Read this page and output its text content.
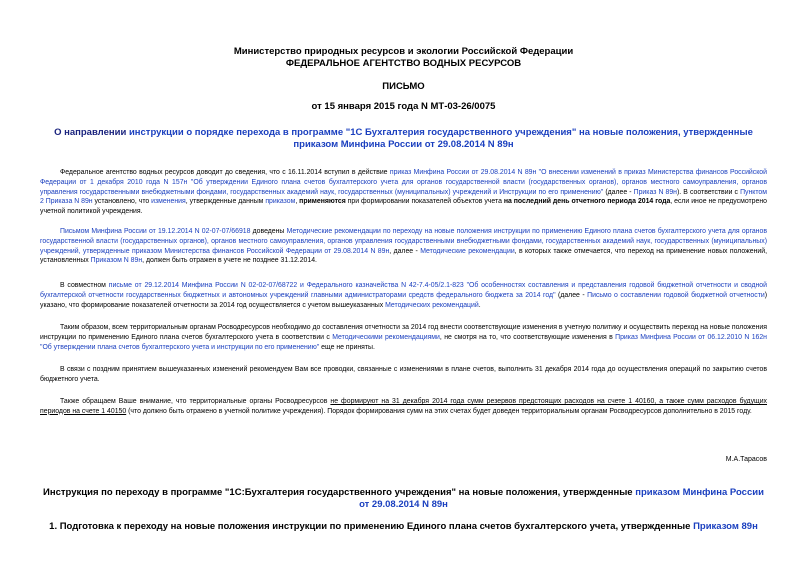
Министерство природных ресурсов и экологии Российской Федерации
ФЕДЕРАЛЬНОЕ АГЕНТСТВО ВОДНЫХ РЕСУРСОВ
ПИСЬМО
от 15 января 2015 года N МТ-03-26/0075
О направлении инструкции о порядке перехода в программе "1С Бухгалтерия государственного учреждения" на новые положения, утвержденные приказом Минфина России от 29.08.2014 N 89н
Федеральное агентство водных ресурсов доводит до сведения, что с 16.11.2014 вступил в действие приказ Минфина России от 29.08.2014 N 89н "О внесении изменений в приказ Министерства финансов Российской Федерации от 1 декабря 2010 года N 157н "Об утверждении Единого плана счетов бухгалтерского учета для органов государственной власти (государственных органов), органов местного самоуправления, органов управления государственными внебюджетными фондами, государственных академий наук, государственных (муниципальных) учреждений и Инструкции по его применению" (далее - Приказ N 89н). В соответствии с Пунктом 2 Приказа N 89н установлено, что изменения, утвержденные данным приказом, применяются при формировании показателей объектов учета на последний день отчетного периода 2014 года, если иное не предусмотрено учетной политикой учреждения.
Письмом Минфина России от 19.12.2014 N 02-07-07/66918 доведены Методические рекомендации по переходу на новые положения инструкции по применению Единого плана счетов бухгалтерского учета для органов государственной власти (государственных органов), органов местного самоуправления, органов управления государственными внебюджетными фондами, государственных академий наук, государственных (муниципальных) учреждений, утвержденные приказом Министерства финансов Российской Федерации от 29.08.2014 N 89н, далее - Методические рекомендации, в которых также отмечается, что переход на применение новых положений, установленных Приказом N 89н, должен быть отражен в учете не позднее 31.12.2014.
В совместном письме от 29.12.2014 Минфина России N 02-02-07/68722 и Федерального казначейства N 42-7.4-05/2.1-823 "Об особенностях составления и представления годовой бюджетной отчетности и сводной бухгалтерской отчетности государственных бюджетных и автономных учреждений главными администраторами средств федерального бюджета за 2014 год" (далее - Письмо о составлении годовой бюджетной отчетности) указано, что формирование показателей отчетности за 2014 год осуществляется с учетом вышеуказанных Методических рекомендаций.
Таким образом, всем территориальным органам Росводресурсов необходимо до составления отчетности за 2014 год внести соответствующие изменения в учетную политику и осуществить переход на новые положения инструкции по применению Единого плана счетов бухгалтерского учета в соответствии с Методическими рекомендациями, не смотря на то, что соответствующие изменения в Приказ Минфина России от 06.12.2010 N 162н "Об утверждении плана счетов бухгалтерского учета и инструкции по его применению" еще не приняты.
В связи с поздним принятием вышеуказанных изменений рекомендуем Вам все проводки, связанные с изменениями в плане счетов, выполнить 31 декабря 2014 года до осуществления операций по закрытию счетов бюджетного учета.
Также обращаем Ваше внимание, что территориальные органы Росводресурсов не формируют на 31 декабря 2014 года сумм резервов предстоящих расходов на счете 1 40160, а также сумм расходов будущих периодов на счете 1 40150 (что должно быть отражено в учетной политике учреждения). Порядок формирования сумм на этих счетах будет доведен территориальным органам Росводресурсов дополнительно в 2015 году.
М.А.Тарасов
Инструкция по переходу в программе "1С:Бухгалтерия государственного учреждения" на новые положения, утвержденные приказом Минфина России от 29.08.2014 N 89н
1. Подготовка к переходу на новые положения инструкции по применению Единого плана счетов бухгалтерского учета, утвержденные Приказом 89н
